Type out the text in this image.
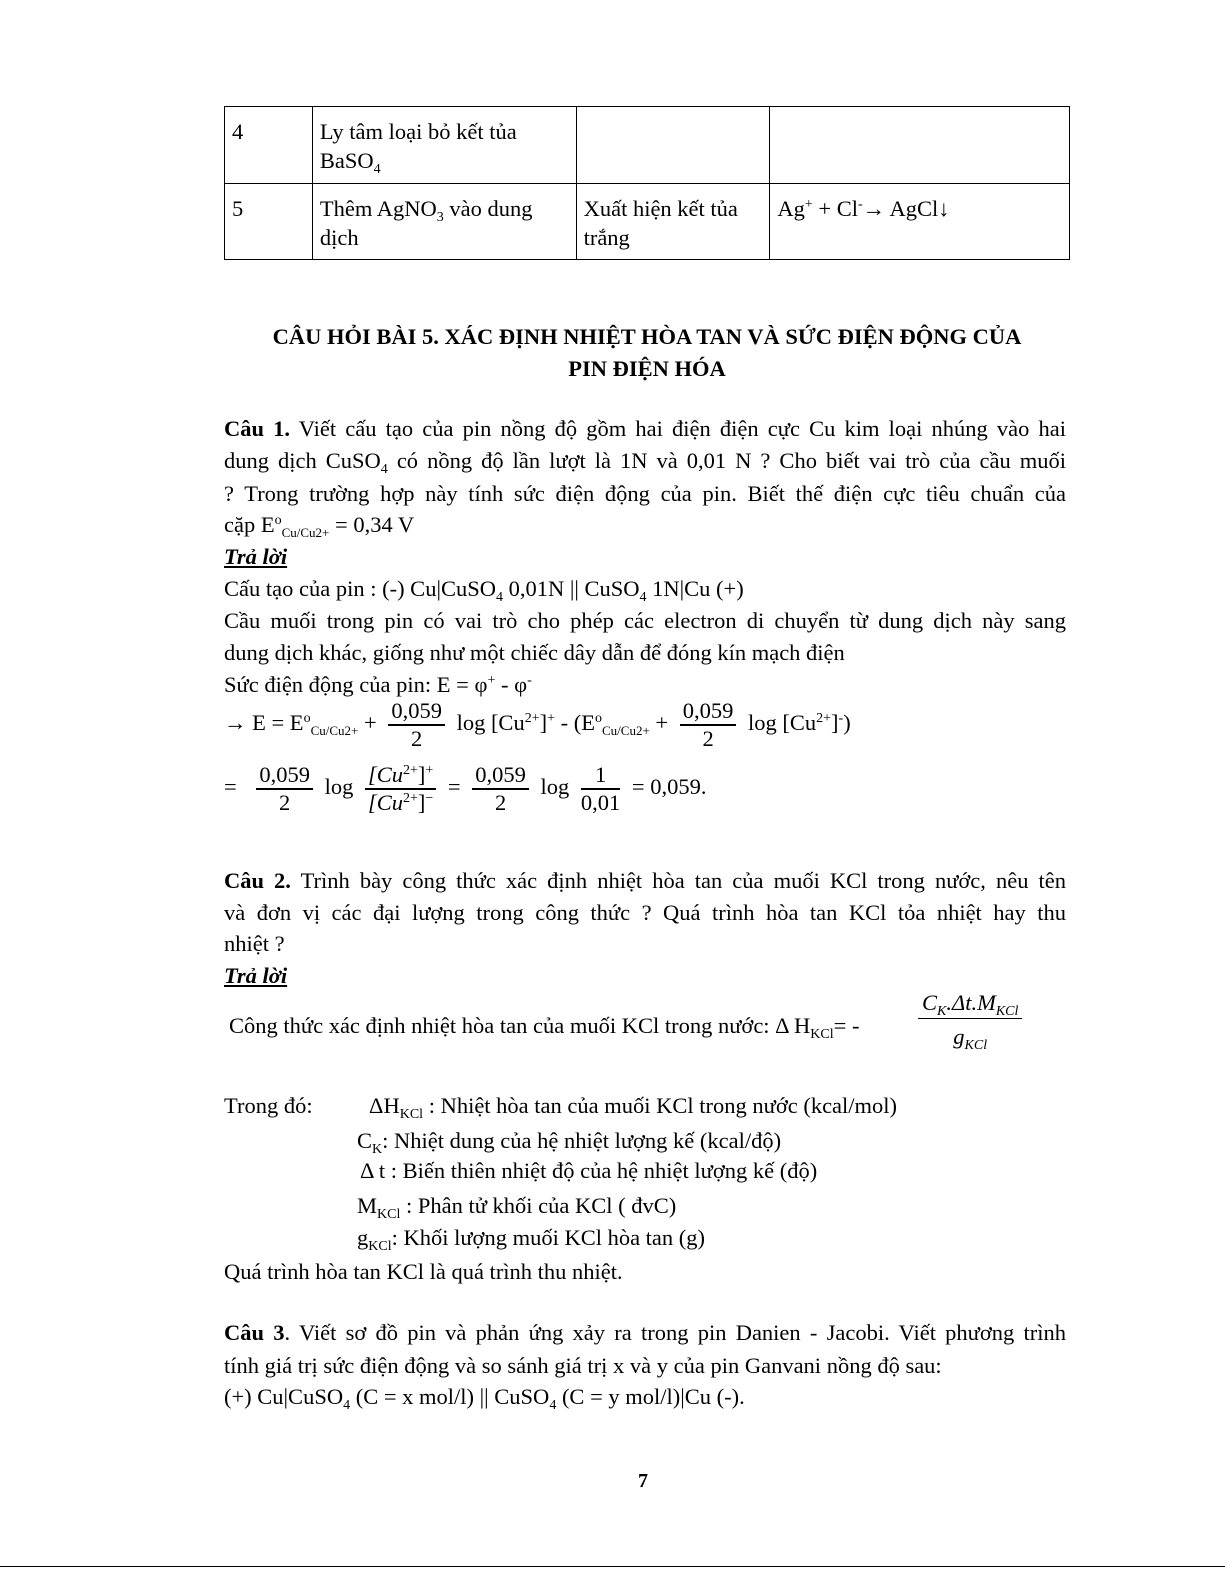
4	Ly tâm loại bỏ kết tủa BaSO$_4$		
5	Thêm AgNO$_3$ vào dung dịch	Xuất hiện kết tủa trắng	Ag+ + Cl-→ AgCl↓
CÂU HỎI BÀI 5. XÁC ĐỊNH NHIỆT HÒA TAN VÀ SỨC ĐIỆN ĐỘNG CỦA
PIN ĐIỆN HÓA
Câu 1. Viết cấu tạo của pin nồng độ gồm hai điện điện cực Cu kim loại nhúng vào hai
dung dịch CuSO$_4$ có nồng độ lần lượt là 1N và 0,01 N ? Cho biết vai trò của cầu muối
? Trong trường hợp này tính sức điện động của pin. Biết thế điện cực tiêu chuẩn của
cặp $E^o_{Cu/Cu2+} = 0,34$ V
Trả lời
Cấu tạo của pin : (-) Cu|CuSO$_4$ 0,01N || CuSO$_4$ 1N|Cu (+)
Cầu muối trong pin có vai trò cho phép các electron di chuyển từ dung dịch này sang
dung dịch khác, giống như một chiếc dây dẫn để đóng kín mạch điện
Sức điện động của pin: E = φ+ - φ-
→ $E = E^o_{Cu/Cu2+} + \frac{0,059}{2}$ $\log [Cu^{2+}]^+ - (E^o_{Cu/Cu2+} + \frac{0,059}{2}$ $\log [Cu^{2+}]^-$)
= $\frac{0,059}{2}$ $\log \frac{[Cu^{2+}]^+}{[Cu^{2+}]^-} = \frac{0,059}{2}$ $\log \frac{1}{0,01} = 0,059$.
Câu 2. Trình bày công thức xác định nhiệt hòa tan của muối KCl trong nước, nêu tên
và đơn vị các đại lượng trong công thức ? Quá trình hòa tan KCl tỏa nhiệt hay thu
nhiệt ?
Trả lời
Công thức xác định nhiệt hòa tan của muối KCl trong nước: Δ $H_{KCl}=$ -
$C_K.\Delta t.M_{KCl}$
$g_{KCl}$
Trong đó:	$\Delta H_{KCl}$ : Nhiệt hòa tan của muối KCl trong nước (kcal/mol)
$C_K$: Nhiệt dung của hệ nhiệt lượng kế (kcal/độ)
Δ t : Biến thiên nhiệt độ của hệ nhiệt lượng kế (độ)
$M_{KCl}$ : Phân tử khối của KCl ( đvC)
$g_{KCl}$: Khối lượng muối KCl hòa tan (g)
Quá trình hòa tan KCl là quá trình thu nhiệt.
Câu 3. Viết sơ đồ pin và phản ứng xảy ra trong pin Danien - Jacobi. Viết phương trình
tính giá trị sức điện động và so sánh giá trị x và y của pin Ganvani nồng độ sau:
(+) Cu|CuSO$_4$ (C = x mol/l) || CuSO$_4$ (C = y mol/l)|Cu (-).
7
